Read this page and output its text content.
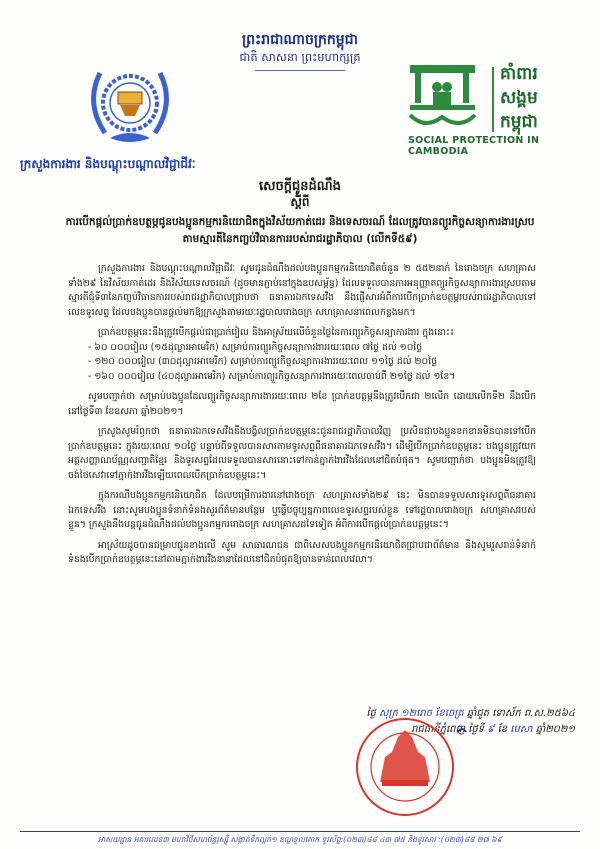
ព្រះរាជាណាចក្រកម្ពុជា
ជាតិ សាសនា ព្រះមហាក្សត្រ
ក្រសួងការងារ និងបណ្តុះបណ្តាលវិជ្ជាជីវៈ
គាំពារ
សង្គម
កម្ពុជា
SOCIAL PROTECTION IN CAMBODIA
សេចក្តីជូនដំណឹង
ស្តីពី
ការបើកផ្តល់ប្រាក់ឧបត្ថម្ភជូនបងប្អូនកម្មករនិយោជិតក្នុងវិស័យកាត់ដេរ និងទេសចរណ៍ ដែលត្រូវបានព្យួរកិច្ចសន្យាការងារស្របតាមស្មារតីនៃកញ្ចប់វិធានការរបស់រាជរដ្ឋាភិបាល (លើកទី៥៩)

ក្រសួងការងារ និងបណ្តុះបណ្តាលវិជ្ជាជីវៈ សូមជូនដំណឹងដល់បងប្អូនកម្មករនិយោជិតចំនួន ២ ៥៥២នាក់ នៃរោងចក្រ សហគ្រាសទាំង២៩ នៃវិស័យកាត់ដេរ និងវិស័យទេសចរណ៍ (ដូចមានភ្ជាប់នៅក្នុងឧបសម្ព័ន្ធ) ដែលទទួលបានការអនុញ្ញាតព្យួរកិច្ចសន្យាការងារស្របតាមស្មារតីជុំទី៣នៃកញ្ចប់វិធានការរបស់រាជរដ្ឋាភិបាលជ្រាបថា ធនាគារឯកទេសវីង នឹងផ្ញើសារអំពីការបើកប្រាក់ឧបត្ថម្ភរបស់រាជរដ្ឋាភិបាលទៅលេខទូរសព្ទ ដែលបងប្អូនបានផ្តល់មកឱ្យក្រសួងតាមរយៈរដ្ឋបាលរោងចក្រ សហគ្រាសនាពេលកន្លងមក។

ប្រាក់ឧបត្ថម្ភនេះនឹងត្រូវបើកផ្តល់ជាប្រាក់រៀល និងអាស្រ័យលើចំនួនថ្ងៃនៃការព្យួរកិច្ចសន្យាការងារ ក្នុងនោះ៖

- ៦០ ០០០រៀល (១៥ដុល្លារអាមេរិក) សម្រាប់ការព្យួរកិច្ចសន្យាការងាររយៈពេល ៧ថ្ងៃ ដល់ ១០ថ្ងៃ
- ១២០ ០០០រៀល (៣០ដុល្លារអាមេរិក) សម្រាប់ការព្យួរកិច្ចសន្យាការងាររយៈពេល ១១ថ្ងៃ ដល់ ២០ថ្ងៃ
- ១៦០ ០០០រៀល (៤០ដុល្លារអាមេរិក) សម្រាប់ការព្យួរកិច្ចសន្យាការងាររយៈពេលចាប់ពី ២១ថ្ងៃ ដល់ ១ខែ។

សូមបញ្ជាក់ថា សម្រាប់បងប្អូនដែលព្យួរកិច្ចសន្យាការងាររយៈពេល ២ខែ ប្រាក់ឧបត្ថម្ភនឹងត្រូវបើកជា ២លើក ដោយលើកទី២ នឹងបើកនៅថ្ងៃទី៣ ខែឧសភា ឆ្នាំ២០២១។

ក្រសួងសូមរំឭកថា ធនាគារឯកទេសវីងនឹងបង្វិលប្រាក់ឧបត្ថម្ភនេះជូនរាជរដ្ឋាភិបាលវិញ ប្រសិនជាបងប្អូនខកខានមិនបានទៅបើកប្រាក់ឧបត្ថម្ភនេះ ក្នុងរយៈពេល ១០ថ្ងៃ បន្ទាប់ពីទទួលបានសារតាមទូរសព្ទពីធនាគារឯកទេសវីង។ ដើម្បីបើកប្រាក់ឧបត្ថម្ភនេះ បងប្អូនត្រូវយកអត្តសញ្ញាណប័ណ្ណសញ្ជាតិខ្មែរ និងទូរសព្ទដែលទទួលបានសារនោះទៅកាន់ភ្នាក់ងារវីងដែលនៅជិតបំផុត។ សូមបញ្ជាក់ថា បងប្អូនមិនត្រូវឱ្យចង់ថៃសេវាទៅភ្នាក់ងារវីងឡើយពេលបើកប្រាក់ឧបត្ថម្ភនេះ។

ក្នុងករណីបងប្អូនកម្មករនិយោជិត ដែលបម្រើការងារនៅរោងចក្រ សហគ្រាសទាំង២៩ នេះ មិនបានទទួលសារទូរសព្ទពីធនាគារឯកទេសវីង នោះសូមបងប្អូនទំនាក់ទំនងសួរព័ត៌មានបន្ថែម ឬធ្វើបច្ចុប្បន្នភាពលេខទូរសព្ទរបស់ខ្លួន ទៅរដ្ឋបាលរោងចក្រ សហគ្រាសរបស់ខ្លួន។ ក្រសួងនឹងបន្តជូនដំណឹងដល់បងប្អូនកម្មកររោងចក្រ សហគ្រាសដទៃទៀត អំពីការបើកផ្តល់ប្រាក់ឧបត្ថម្ភនេះ។

អាស្រ័យដូចបានជម្រាបជូនខាងលើ សូម សាធារណជន ជាពិសេសបងប្អូនកម្មករនិយោជិតជ្រាបជាព័ត៌មាន និងសូមរួសរាន់ទំនាក់ទំនងបើកប្រាក់ឧបត្ថម្ភនេះនៅតាមភ្នាក់ងារវីងនានាដែលនៅជិតបំផុតឱ្យបានទាន់ពេលវេលា។

ថ្ងៃ សុក្រ ១២រោច ខែចេត្រ ឆ្នាំជូត ទោស័ក ព.ស.២៥៦៤
រាជធានីភ្នំពេញ ថ្ងៃទី ៩ ខែ មេសា ឆ្នាំ២០២១
អាសយដ្ឋាន អគារលេខ៣ មហាវិថីសហព័ន្ធរុស្ស៊ី សង្កាត់ទឹកល្អក់១ ខណ្ឌទួលគោក ទូរស័ព្ទ:(០២៣)៨៨ ៤៣ ៧៥ និងទូរសារ :(០២៣)៨៨ ២៧ ៦៩
